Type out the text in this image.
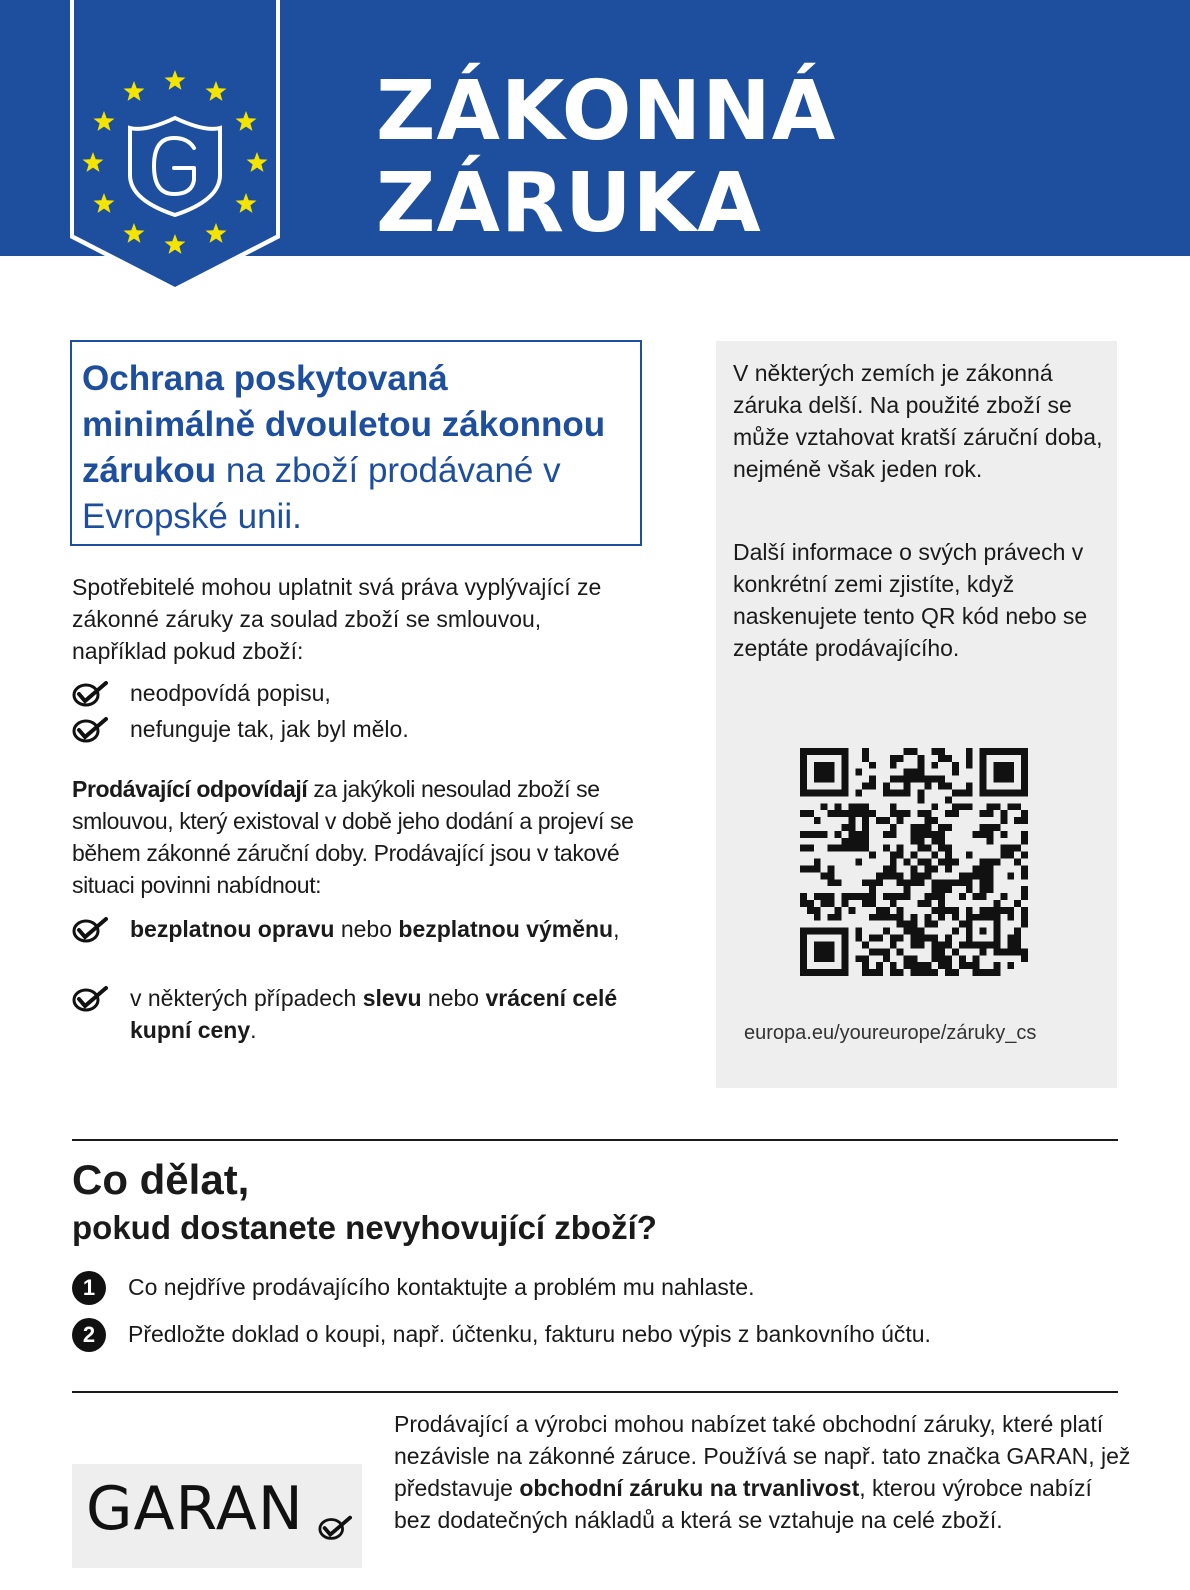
ZÁKONNÁ
ZÁRUKA
Ochrana poskytovaná minimálně dvouletou zákonnou zárukou na zboží prodávané v Evropské unii.
Spotřebitelé mohou uplatnit svá práva vyplývající ze zákonné záruky za soulad zboží se smlouvou, například pokud zboží:
neodpovídá popisu,
nefunguje tak, jak byl mělo.
Prodávající odpovídají za jakýkoli nesoulad zboží se smlouvou, který existoval v době jeho dodání a projeví se během zákonné záruční doby. Prodávající jsou v takové situaci povinni nabídnout:
bezplatnou opravu nebo bezplatnou výměnu,
v některých případech slevu nebo vrácení celé kupní ceny.
V některých zemích je zákonná záruka delší. Na použité zboží se může vztahovat kratší záruční doba, nejméně však jeden rok.
Další informace o svých právech v konkrétní zemi zjistíte, když naskenujete tento QR kód nebo se zeptáte prodávajícího.
europa.eu/youreurope/záruky_cs
Co dělat,
pokud dostanete nevyhovující zboží?
1	Co nejdříve prodávajícího kontaktujte a problém mu nahlaste.
2	Předložte doklad o koupi, např. účtenku, fakturu nebo výpis z bankovního účtu.
GARAN
Prodávající a výrobci mohou nabízet také obchodní záruky, které platí nezávisle na zákonné záruce. Používá se např. tato značka GARAN, jež představuje obchodní záruku na trvanlivost, kterou výrobce nabízí bez dodatečných nákladů a která se vztahuje na celé zboží.
